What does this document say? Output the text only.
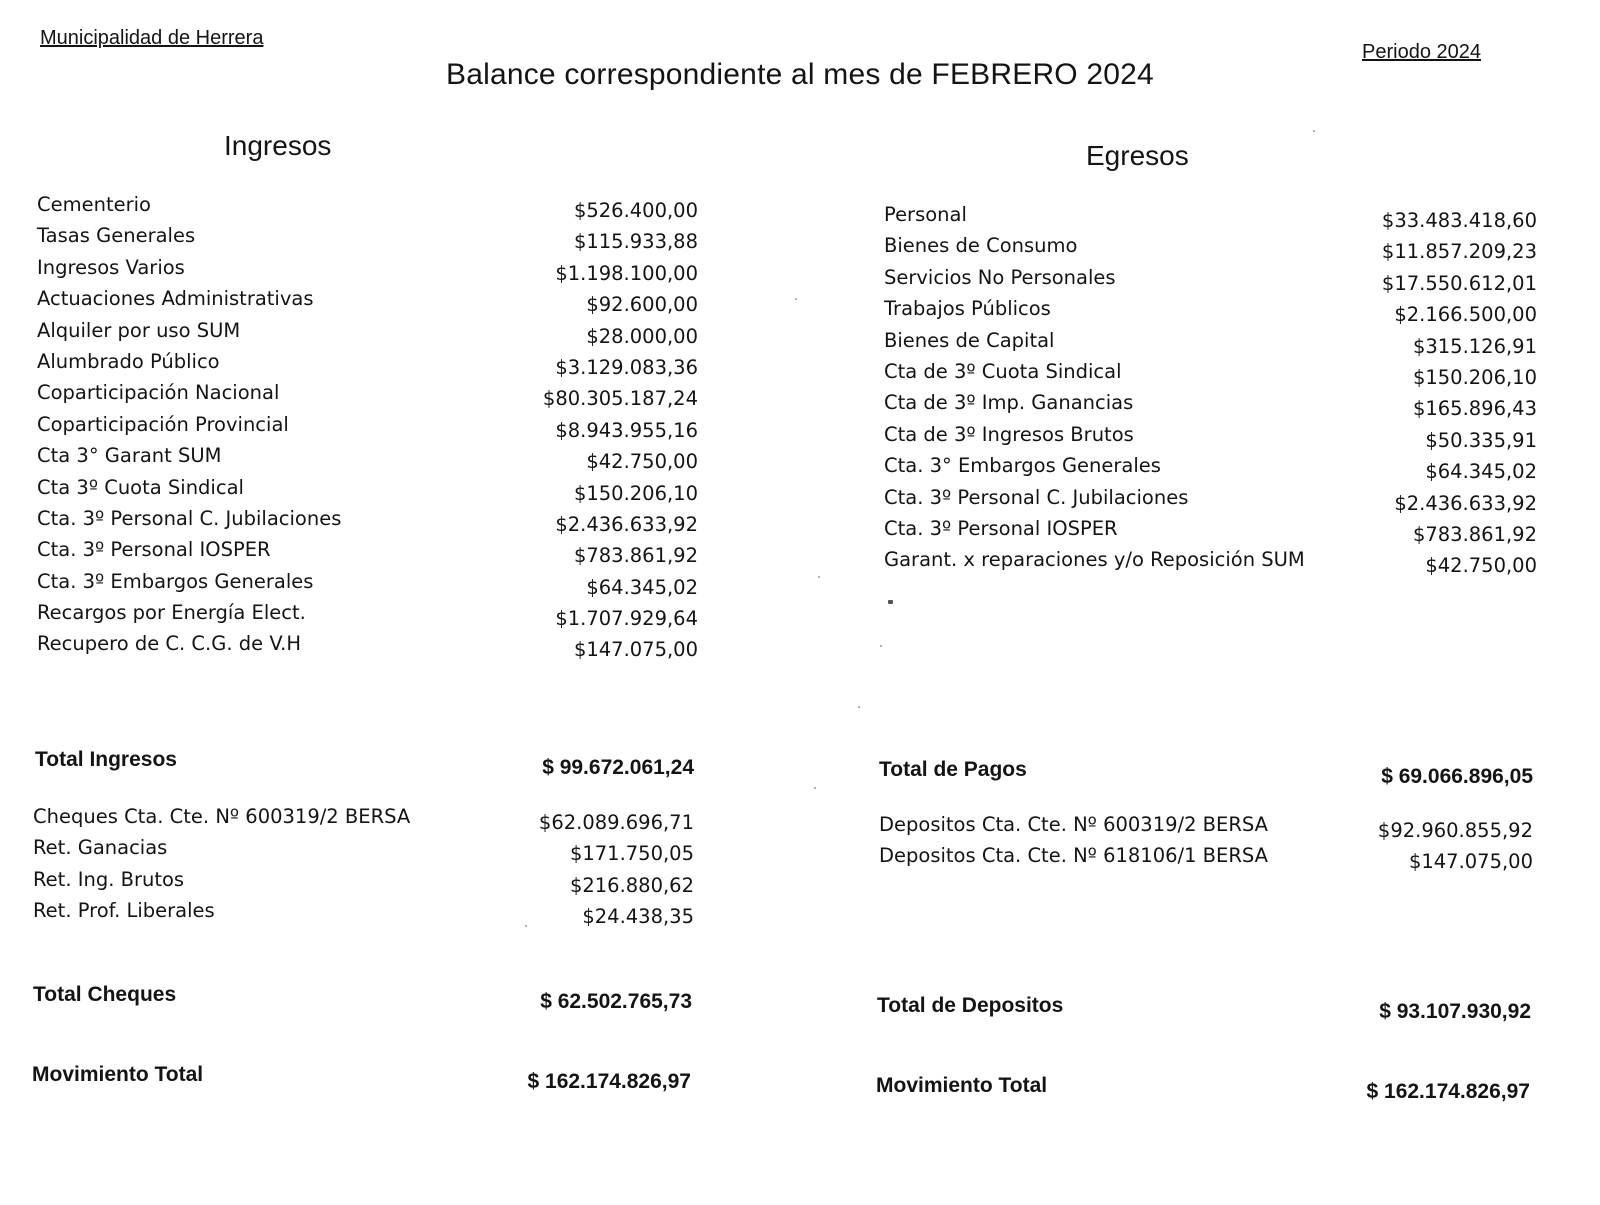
Municipalidad de Herrera
Periodo 2024
Balance correspondiente al mes de FEBRERO 2024
Ingresos	Egresos
Cementerio	$526.400,00
Tasas Generales	$115.933,88
Ingresos Varios	$1.198.100,00
Actuaciones Administrativas	$92.600,00
Alquiler por uso SUM	$28.000,00
Alumbrado Público	$3.129.083,36
Coparticipación Nacional	$80.305.187,24
Coparticipación Provincial	$8.943.955,16
Cta 3° Garant SUM	$42.750,00
Cta 3º Cuota Sindical	$150.206,10
Cta. 3º Personal C. Jubilaciones	$2.436.633,92
Cta. 3º Personal IOSPER	$783.861,92
Cta. 3º Embargos Generales	$64.345,02
Recargos por Energía Elect.	$1.707.929,64
Recupero de C. C.G. de V.H	$147.075,00
Personal	$33.483.418,60
Bienes de Consumo	$11.857.209,23
Servicios No Personales	$17.550.612,01
Trabajos Públicos	$2.166.500,00
Bienes de Capital	$315.126,91
Cta de 3º Cuota Sindical	$150.206,10
Cta de 3º Imp. Ganancias	$165.896,43
Cta de 3º Ingresos Brutos	$50.335,91
Cta. 3° Embargos Generales	$64.345,02
Cta. 3º Personal C. Jubilaciones	$2.436.633,92
Cta. 3º Personal IOSPER	$783.861,92
Garant. x reparaciones y/o Reposición SUM	$42.750,00
Total Ingresos	$ 99.672.061,24
Cheques Cta. Cte. Nº 600319/2 BERSA	$62.089.696,71
Ret. Ganacias	$171.750,05
Ret. Ing. Brutos	$216.880,62
Ret. Prof. Liberales	$24.438,35
Total Cheques	$ 62.502.765,73
Movimiento Total	$ 162.174.826,97
Total de Pagos	$ 69.066.896,05
Depositos Cta. Cte. Nº 600319/2 BERSA	$92.960.855,92
Depositos Cta. Cte. Nº 618106/1 BERSA	$147.075,00
Total de Depositos	$ 93.107.930,92
Movimiento Total	$ 162.174.826,97
